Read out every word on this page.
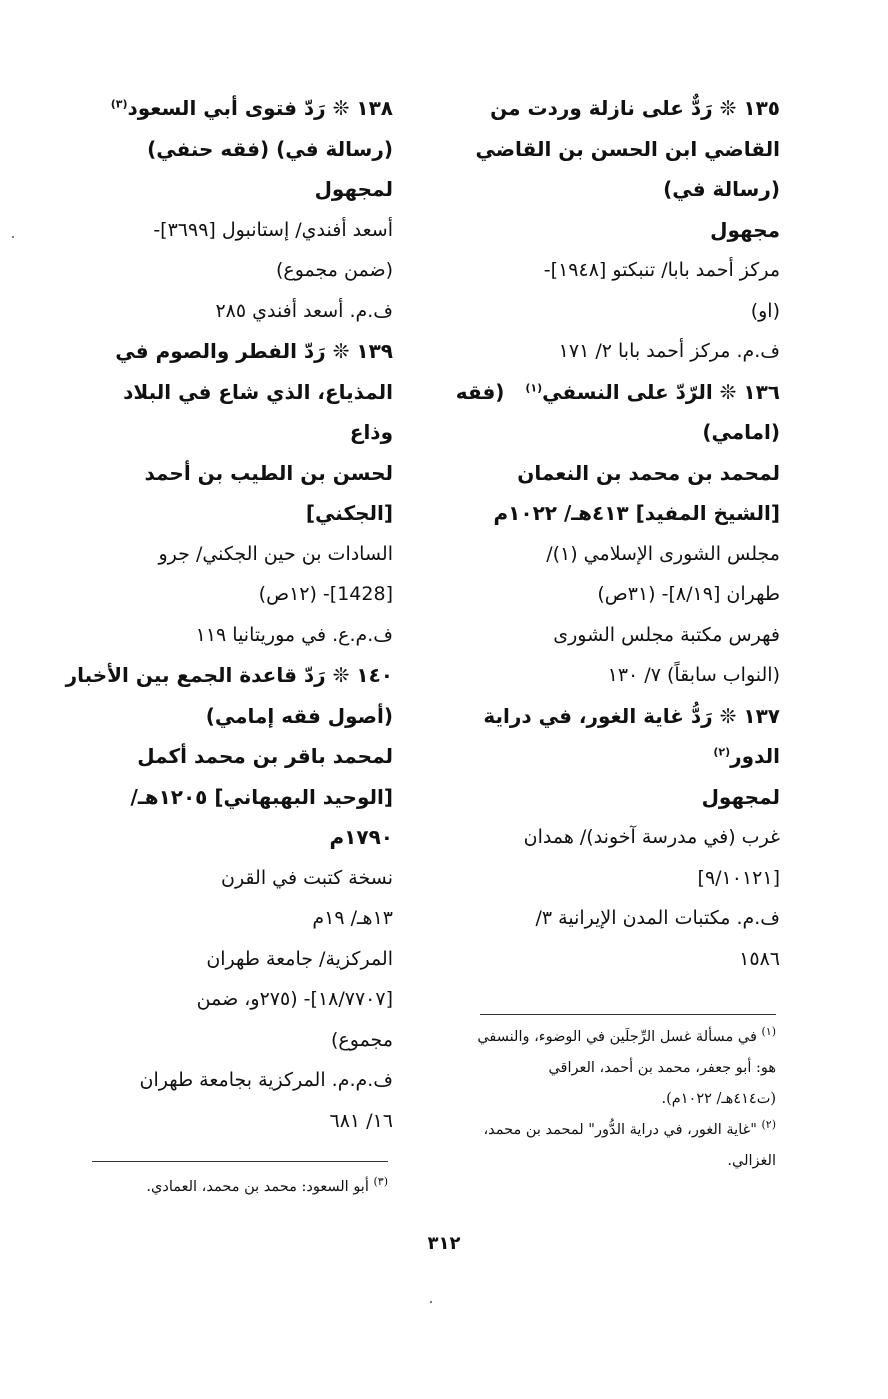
١٣٥ ❊ رَدٌّ على نازلة وردت من
القاضي ابن الحسن بن القاضي
(رسالة في)
مجهول
مركز أحمد بابا/ تنبكتو [١٩٤٨]-
(او)
ف.م. مركز أحمد بابا ٢/ ١٧١
١٣٦ ❊ الرّدّ على النسفي$^{(١)}$   (فقه
(امامي)
لمحمد بن محمد بن النعمان
[الشيخ المفيد] ٤١٣هـ/ ١٠٢٢م
مجلس الشورى الإسلامي (١)/
طهران [٨/١٩]- (٣١ص)
فهرس مكتبة مجلس الشورى
(النواب سابقاً) ٧/ ١٣٠
١٣٧ ❊ رَدُّ غاية الغور، في دراية
الدور$^{(٢)}$
لمجهول
غرب (في مدرسة آخوند)/ همدان
[٩/١٠١٢١]
ف.م. مكتبات المدن الإيرانية ٣/
١٥٨٦
١٣٨ ❊ رَدّ فتوى أبي السعود$^{(٣)}$
(رسالة في) (فقه حنفي)
لمجهول
أسعد أفندي/ إستانبول [٣٦٩٩]-
(ضمن مجموع)
ف.م. أسعد أفندي ٢٨٥
١٣٩ ❊ رَدّ الفطر والصوم في
المذياع، الذي شاع في البلاد
وذاع
لحسن بن الطيب بن أحمد
[الجكني]
السادات بن حين الجكني/ جرو
[1428]- (١٢ص)
ف.م.ع. في موريتانيا ١١٩
١٤٠ ❊ رَدّ قاعدة الجمع بين الأخبار
(أصول فقه إمامي)
لمحمد باقر بن محمد أكمل
[الوحيد البهبهاني] ١٢٠٥هـ/
١٧٩٠م
نسخة كتبت في القرن
١٣هـ/ ١٩م
المركزية/ جامعة طهران
[١٨/٧٧٠٧]- (٢٧٥و، ضمن
مجموع)
ف.م.م. المركزية بجامعة طهران
١٦/ ٦٨١
$^{(١)}$ في مسألة غسل الرِّجلَين في الوضوء، والنسفي
هو: أبو جعفر، محمد بن أحمد، العراقي
(ت٤١٤هـ/ ١٠٢٢م).
$^{(٢)}$ "غاية الغور، في دراية الدُّور" لمحمد بن محمد،
الغزالي.
$^{(٣)}$ أبو السعود: محمد بن محمد، العمادي.
٣١٢
